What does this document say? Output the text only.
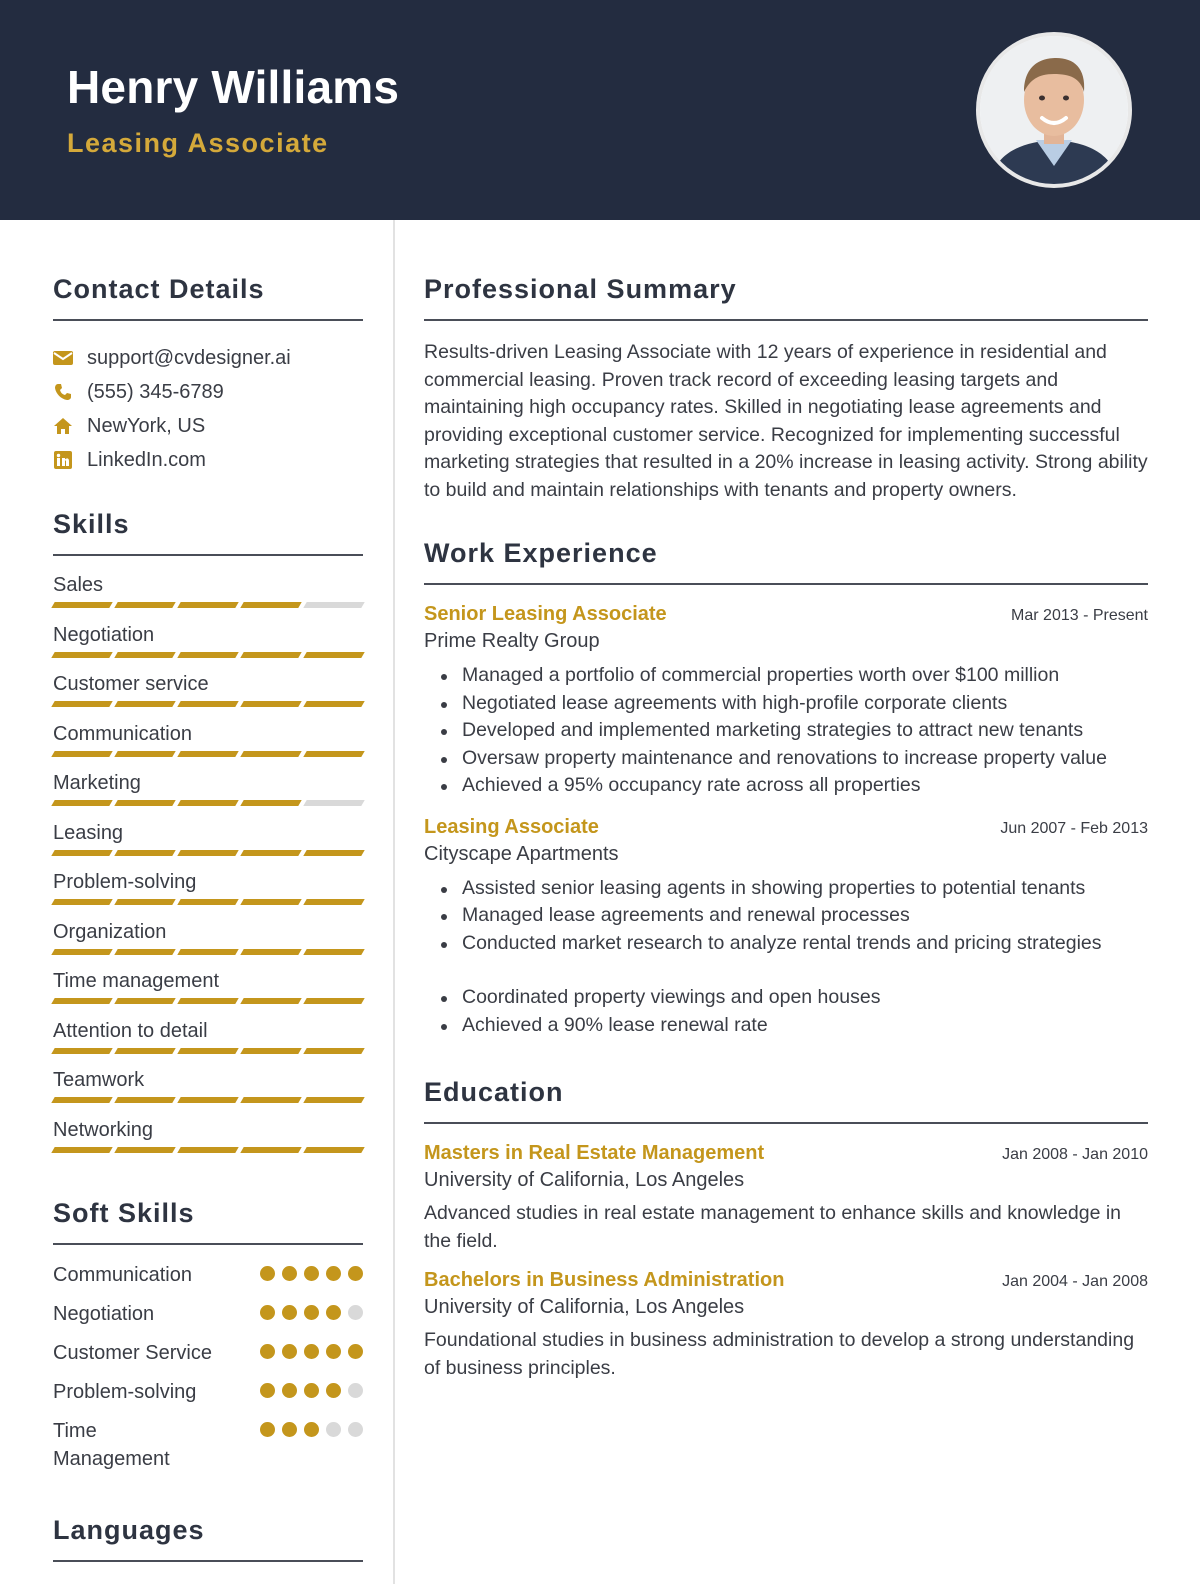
Henry Williams
Leasing Associate
Contact Details
support@cvdesigner.ai
(555) 345-6789
NewYork, US
LinkedIn.com
Skills
Sales
Negotiation
Customer service
Communication
Marketing
Leasing
Problem-solving
Organization
Time management
Attention to detail
Teamwork
Networking
Soft Skills
Communication
Negotiation
Customer Service
Problem-solving
Time Management
Languages
Professional Summary
Results-driven Leasing Associate with 12 years of experience in residential and commercial leasing. Proven track record of exceeding leasing targets and maintaining high occupancy rates. Skilled in negotiating lease agreements and providing exceptional customer service. Recognized for implementing successful marketing strategies that resulted in a 20% increase in leasing activity. Strong ability to build and maintain relationships with tenants and property owners.
Work Experience
Senior Leasing Associate	Mar 2013 - Present
Prime Realty Group
Managed a portfolio of commercial properties worth over $100 million
Negotiated lease agreements with high-profile corporate clients
Developed and implemented marketing strategies to attract new tenants
Oversaw property maintenance and renovations to increase property value
Achieved a 95% occupancy rate across all properties
Leasing Associate	Jun 2007 - Feb 2013
Cityscape Apartments
Assisted senior leasing agents in showing properties to potential tenants
Managed lease agreements and renewal processes
Conducted market research to analyze rental trends and pricing strategies
Coordinated property viewings and open houses
Achieved a 90% lease renewal rate
Education
Masters in Real Estate Management	Jan 2008 - Jan 2010
University of California, Los Angeles
Advanced studies in real estate management to enhance skills and knowledge in the field.
Bachelors in Business Administration	Jan 2004 - Jan 2008
University of California, Los Angeles
Foundational studies in business administration to develop a strong understanding of business principles.
